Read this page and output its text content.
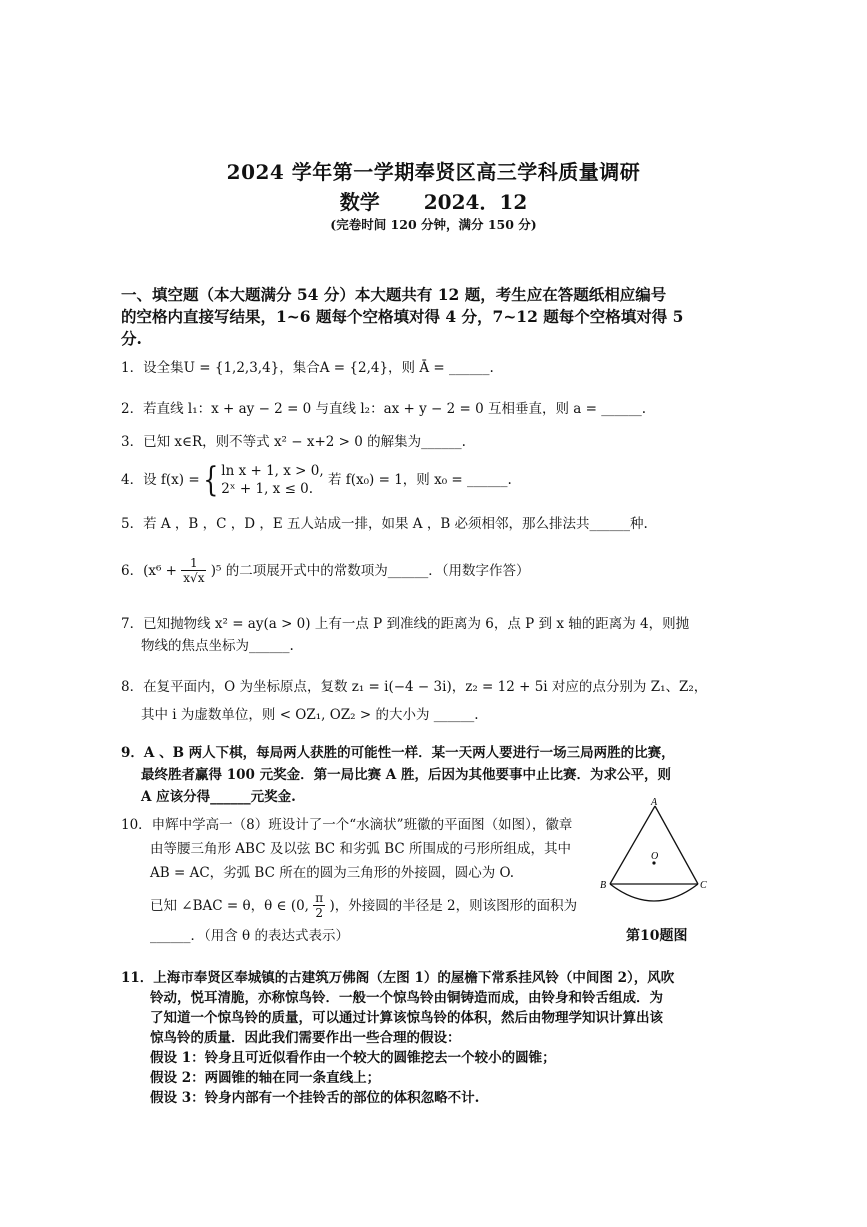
2024 学年第一学期奉贤区高三学科质量调研
数学 2024．12
(完卷时间 120 分钟，满分 150 分)
一、填空题（本大题满分 54 分）本大题共有 12 题，考生应在答题纸相应编号
的空格内直接写结果，1~6 题每个空格填对得 4 分，7~12 题每个空格填对得 5
分.
1．设全集U = {1,2,3,4}，集合A = {2,4}，则 Ā = ______.
2．若直线 l₁：x + ay − 2 = 0 与直线 l₂：ax + y − 2 = 0 互相垂直，则 a = ______.
3．已知 x∈R，则不等式 x² − x+2 > 0 的解集为______.
4．设 f(x) ={ ln x + 1, x > 0,
2ˣ + 1, x ≤ 0.
若 f(x₀) = 1，则 x₀ = ______.
5．若 A ，B ，C ，D ，E 五人站成一排，如果 A ，B 必须相邻，那么排法共______种.
6．$(x^6 + \frac{1}{x√x} )^5$ 的二项展开式中的常数项为______．（用数字作答）
7．已知抛物线 x² = ay(a > 0) 上有一点 P 到准线的距离为 6，点 P 到 x 轴的距离为 4，则抛
物线的焦点坐标为______.
8．在复平面内，O 为坐标原点，复数 z₁ = i(−4 − 3i)，z₂ = 12 + 5i 对应的点分别为 Z₁、Z₂，
其中 i 为虚数单位，则 < OZ₁, OZ₂ > 的大小为 ______.
9．A 、B 两人下棋，每局两人获胜的可能性一样．某一天两人要进行一场三局两胜的比赛，
最终胜者赢得 100 元奖金．第一局比赛 A 胜，后因为其他要事中止比赛．为求公平，则
A 应该分得______元奖金.
10．申辉中学高一（8）班设计了一个“水滴状”班徽的平面图（如图），徽章
由等腰三角形 ABC 及以弦 BC 和劣弧 BC 所围成的弓形所组成，其中
AB = AC，劣弧 BC 所在的圆为三角形的外接圆，圆心为 O.
已知 ∠BAC = θ，θ ∈ (0, $\frac{\pi}{2}$ )，外接圆的半径是 2，则该图形的面积为
______．（用含 θ 的表达式表示）
A
B	C
O
第10题图
11．上海市奉贤区奉城镇的古建筑万佛阁（左图 1）的屋檐下常系挂风铃（中间图 2），风吹
铃动，悦耳清脆，亦称惊鸟铃．一般一个惊鸟铃由铜铸造而成，由铃身和铃舌组成．为
了知道一个惊鸟铃的质量，可以通过计算该惊鸟铃的体积，然后由物理学知识计算出该
惊鸟铃的质量．因此我们需要作出一些合理的假设：
假设 1：铃身且可近似看作由一个较大的圆锥挖去一个较小的圆锥；
假设 2：两圆锥的轴在同一条直线上；
假设 3：铃身内部有一个挂铃舌的部位的体积忽略不计.
